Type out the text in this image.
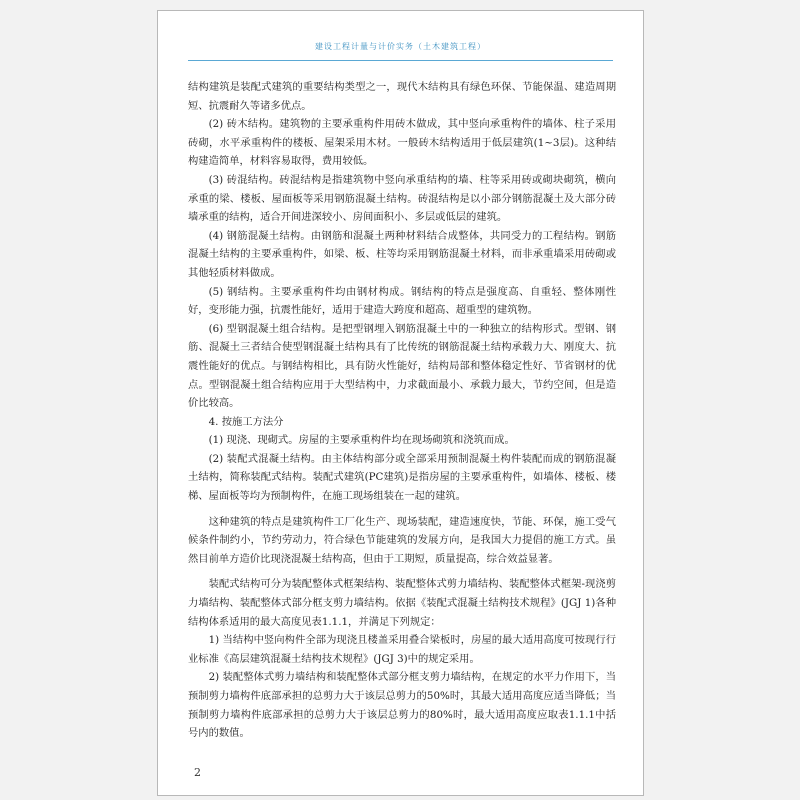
建设工程计量与计价实务（土木建筑工程）

结构建筑是装配式建筑的重要结构类型之一，现代木结构具有绿色环保、节能保温、建造周期短、抗震耐久等诸多优点。

(2) 砖木结构。建筑物的主要承重构件用砖木做成，其中竖向承重构件的墙体、柱子采用砖砌，水平承重构件的楼板、屋架采用木材。一般砖木结构适用于低层建筑(1~3层)。这种结构建造简单，材料容易取得，费用较低。

(3) 砖混结构。砖混结构是指建筑物中竖向承重结构的墙、柱等采用砖或砌块砌筑，横向承重的梁、楼板、屋面板等采用钢筋混凝土结构。砖混结构是以小部分钢筋混凝土及大部分砖墙承重的结构，适合开间进深较小、房间面积小、多层或低层的建筑。

(4) 钢筋混凝土结构。由钢筋和混凝土两种材料结合成整体，共同受力的工程结构。钢筋混凝土结构的主要承重构件，如梁、板、柱等均采用钢筋混凝土材料，而非承重墙采用砖砌或其他轻质材料做成。

(5) 钢结构。主要承重构件均由钢材构成。钢结构的特点是强度高、自重轻、整体刚性好，变形能力强，抗震性能好，适用于建造大跨度和超高、超重型的建筑物。

(6) 型钢混凝土组合结构。是把型钢埋入钢筋混凝土中的一种独立的结构形式。型钢、钢筋、混凝土三者结合使型钢混凝土结构具有了比传统的钢筋混凝土结构承载力大、刚度大、抗震性能好的优点。与钢结构相比，具有防火性能好，结构局部和整体稳定性好、节省钢材的优点。型钢混凝土组合结构应用于大型结构中，力求截面最小、承载力最大，节约空间，但是造价比较高。

4. 按施工方法分

(1) 现浇、现砌式。房屋的主要承重构件均在现场砌筑和浇筑而成。

(2) 装配式混凝土结构。由主体结构部分或全部采用预制混凝土构件装配而成的钢筋混凝土结构，简称装配式结构。装配式建筑(PC建筑)是指房屋的主要承重构件，如墙体、楼板、楼梯、屋面板等均为预制构件，在施工现场组装在一起的建筑。

这种建筑的特点是建筑构件工厂化生产、现场装配，建造速度快，节能、环保，施工受气候条件制约小，节约劳动力，符合绿色节能建筑的发展方向，是我国大力提倡的施工方式。虽然目前单方造价比现浇混凝土结构高，但由于工期短，质量提高，综合效益显著。

装配式结构可分为装配整体式框架结构、装配整体式剪力墙结构、装配整体式框架-现浇剪力墙结构、装配整体式部分框支剪力墙结构。依据《装配式混凝土结构技术规程》(JGJ 1)各种结构体系适用的最大高度见表1.1.1，并满足下列规定：

1) 当结构中竖向构件全部为现浇且楼盖采用叠合梁板时，房屋的最大适用高度可按现行行业标准《高层建筑混凝土结构技术规程》(JGJ 3)中的规定采用。

2) 装配整体式剪力墙结构和装配整体式部分框支剪力墙结构，在规定的水平力作用下，当预制剪力墙构件底部承担的总剪力大于该层总剪力的50%时，其最大适用高度应适当降低；当预制剪力墙构件底部承担的总剪力大于该层总剪力的80%时，最大适用高度应取表1.1.1中括号内的数值。

2
